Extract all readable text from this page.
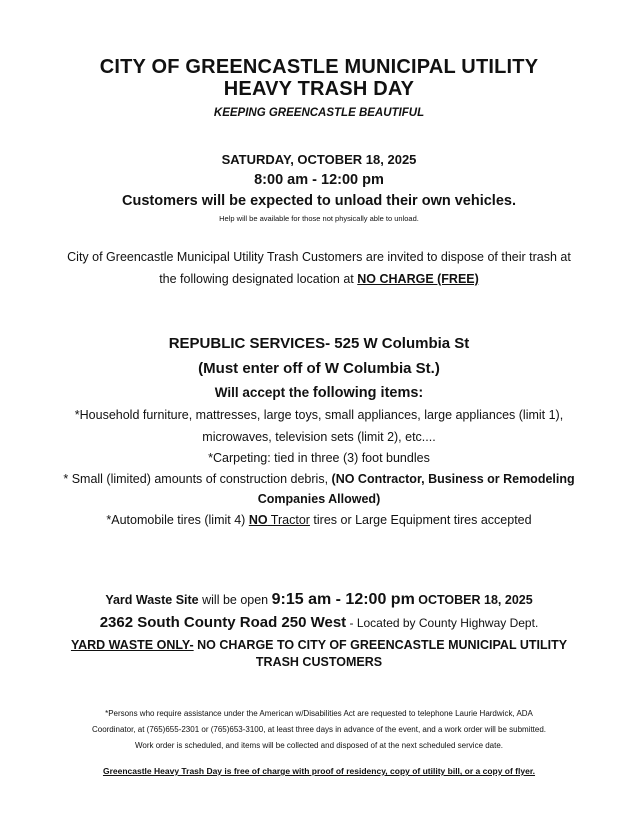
CITY OF GREENCASTLE MUNICIPAL UTILITY
HEAVY TRASH DAY
KEEPING GREENCASTLE BEAUTIFUL
SATURDAY, OCTOBER 18, 2025
8:00 am - 12:00 pm
Customers will be expected to unload their own vehicles.
Help will be available for those not physically able to unload.
City of Greencastle Municipal Utility Trash Customers are invited to dispose of their trash at
the following designated location at NO CHARGE (FREE)
REPUBLIC SERVICES- 525 W Columbia St
(Must enter off of W Columbia St.)
Will accept the following items:
*Household furniture, mattresses, large toys, small appliances, large appliances (limit 1),
microwaves, television sets (limit 2), etc....
*Carpeting: tied in three (3) foot bundles
* Small (limited) amounts of construction debris, (NO Contractor, Business or Remodeling
Companies Allowed)
*Automobile tires (limit 4) NO Tractor tires or Large Equipment tires accepted
Yard Waste Site will be open 9:15 am - 12:00 pm OCTOBER 18, 2025
2362 South County Road 250 West - Located by County Highway Dept.
YARD WASTE ONLY- NO CHARGE TO CITY OF GREENCASTLE MUNICIPAL UTILITY
TRASH CUSTOMERS
*Persons who require assistance under the American w/Disabilities Act are requested to telephone Laurie Hardwick, ADA
Coordinator, at (765)655-2301 or (765)653-3100, at least three days in advance of the event, and a work order will be submitted.
Work order is scheduled, and items will be collected and disposed of at the next scheduled service date.
Greencastle Heavy Trash Day is free of charge with proof of residency, copy of utility bill, or a copy of flyer.
